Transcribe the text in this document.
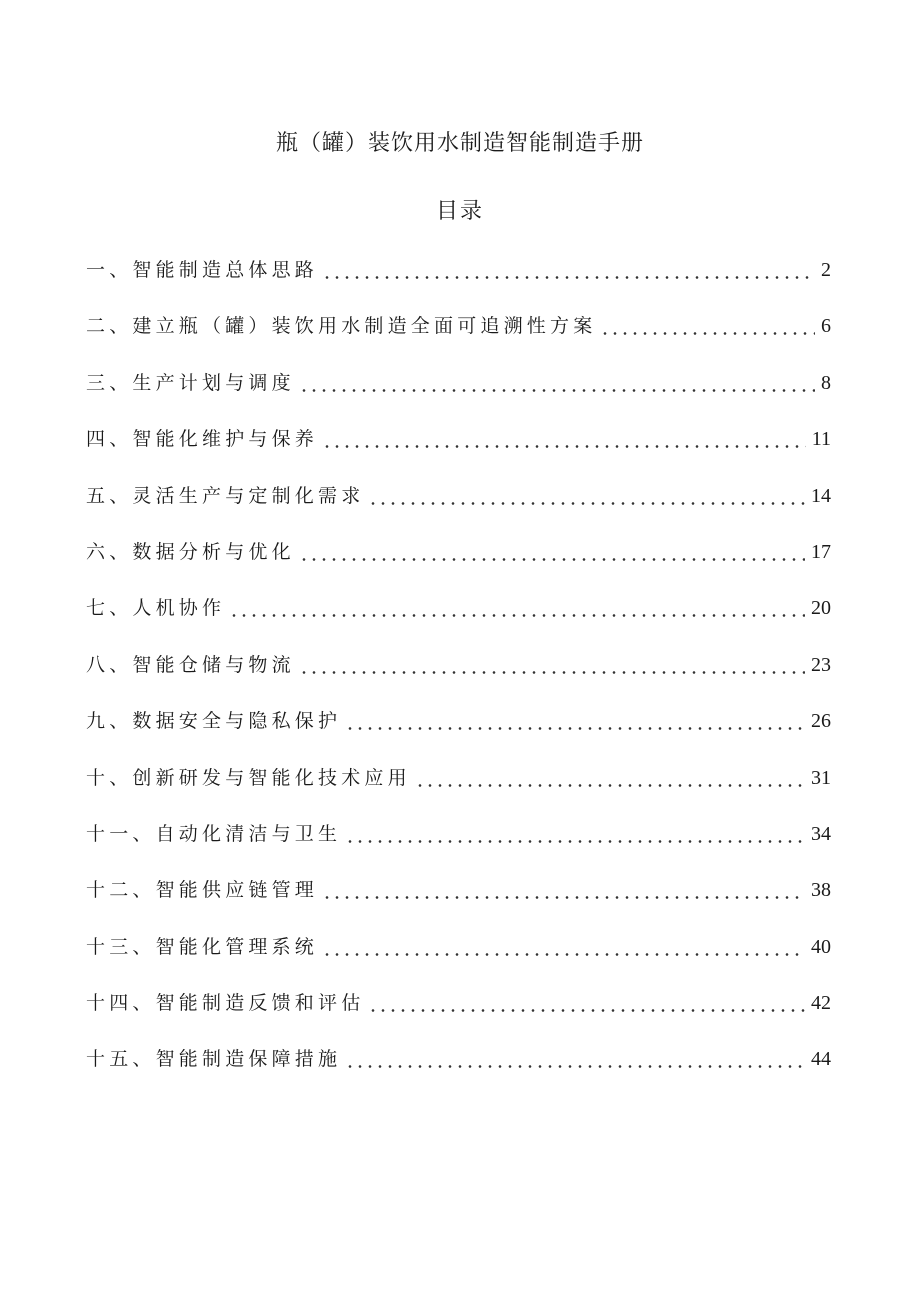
瓶（罐）装饮用水制造智能制造手册
目录
一、智能制造总体思路	2
二、建立瓶（罐）装饮用水制造全面可追溯性方案	6
三、生产计划与调度	8
四、智能化维护与保养	11
五、灵活生产与定制化需求	14
六、数据分析与优化	17
七、人机协作	20
八、智能仓储与物流	23
九、数据安全与隐私保护	26
十、创新研发与智能化技术应用	31
十一、自动化清洁与卫生	34
十二、智能供应链管理	38
十三、智能化管理系统	40
十四、智能制造反馈和评估	42
十五、智能制造保障措施	44
